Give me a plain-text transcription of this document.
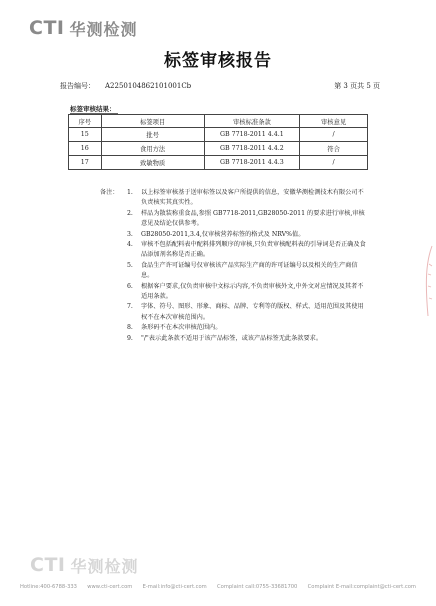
CTI 华测检测
标签审核报告
报告编号： A2250104862101001Cb	第 3 页共 5 页
标签审核结果：
序号	标签项目	审核标准条款	审核意见
15	批号	GB 7718-2011 4.4.1	/
16	食用方法	GB 7718-2011 4.4.2	符合
17	致敏物质	GB 7718-2011 4.4.3	/
备注： 1. 以上标签审核基于送审标签以及客户所提供的信息，安徽华测检测技术有限公司不负责核实其真实性。
2. 样品为散装称重食品,参照 GB7718-2011,GB28050-2011 的要求进行审核,审核意见及结论仅供参考。
3. GB28050-2011,3.4,仅审核营养标签的格式及 NRV%值。
4. 审核不包括配料表中配料排列顺序的审核,只负责审核配料表的引导词是否正确及食品添加剂名称是否正确。
5. 食品生产许可证编号仅审核该产品实际生产商的许可证编号以及相关的生产商信息。
6. 根据客户要求,仅负责审核中文标示内容,不负责审核外文,中外文对应情况及其者不适用条款。
7. 字体、符号、图形、形象、商标、品牌、专利等的版权、样式、适用范围及其使用权不在本次审核范围内。
8. 条形码不在本次审核范围内。
9. "/"表示此条款不适用于该产品标签，或该产品标签无此条款要求。
CTI 华测检测
Hotline:400-6788-333 www.cti-cert.com E-mail:info@cti-cert.com Complaint call:0755-33681700 Complaint E-mail:complaint@cti-cert.com
